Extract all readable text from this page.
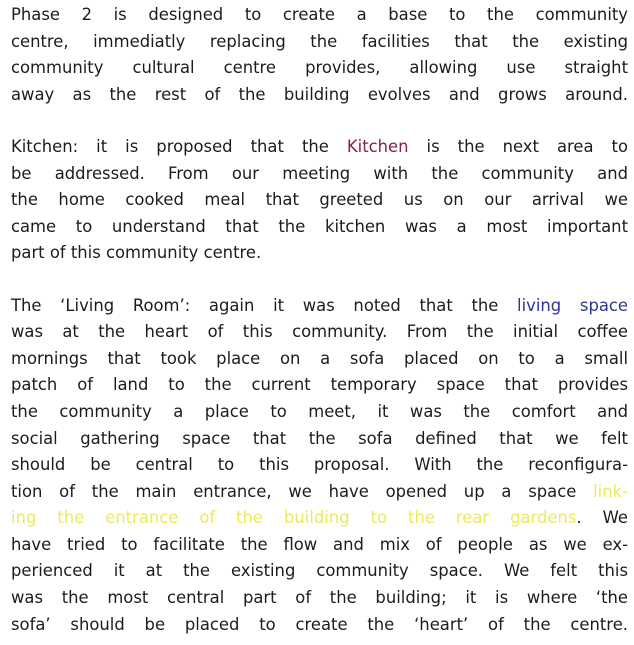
Phase 2 is designed to create a base to the community
centre, immediatly replacing the facilities that the existing
community cultural centre provides, allowing use straight
away as the rest of the building evolves and grows around.
Kitchen: it is proposed that the Kitchen is the next area to
be addressed. From our meeting with the community and
the home cooked meal that greeted us on our arrival we
came to understand that the kitchen was a most important
part of this community centre.
The ‘Living Room’: again it was noted that the living space
was at the heart of this community. From the initial coffee
mornings that took place on a sofa placed on to a small
patch of land to the current temporary space that provides
the community a place to meet, it was the comfort and
social gathering space that the sofa defined that we felt
should be central to this proposal. With the reconfigura-
tion of the main entrance, we have opened up a space link-
ing the entrance of the building to the rear gardens. We
have tried to facilitate the flow and mix of people as we ex-
perienced it at the existing community space. We felt this
was the most central part of the building; it is where ‘the
sofa’ should be placed to create the ‘heart’ of the centre.
